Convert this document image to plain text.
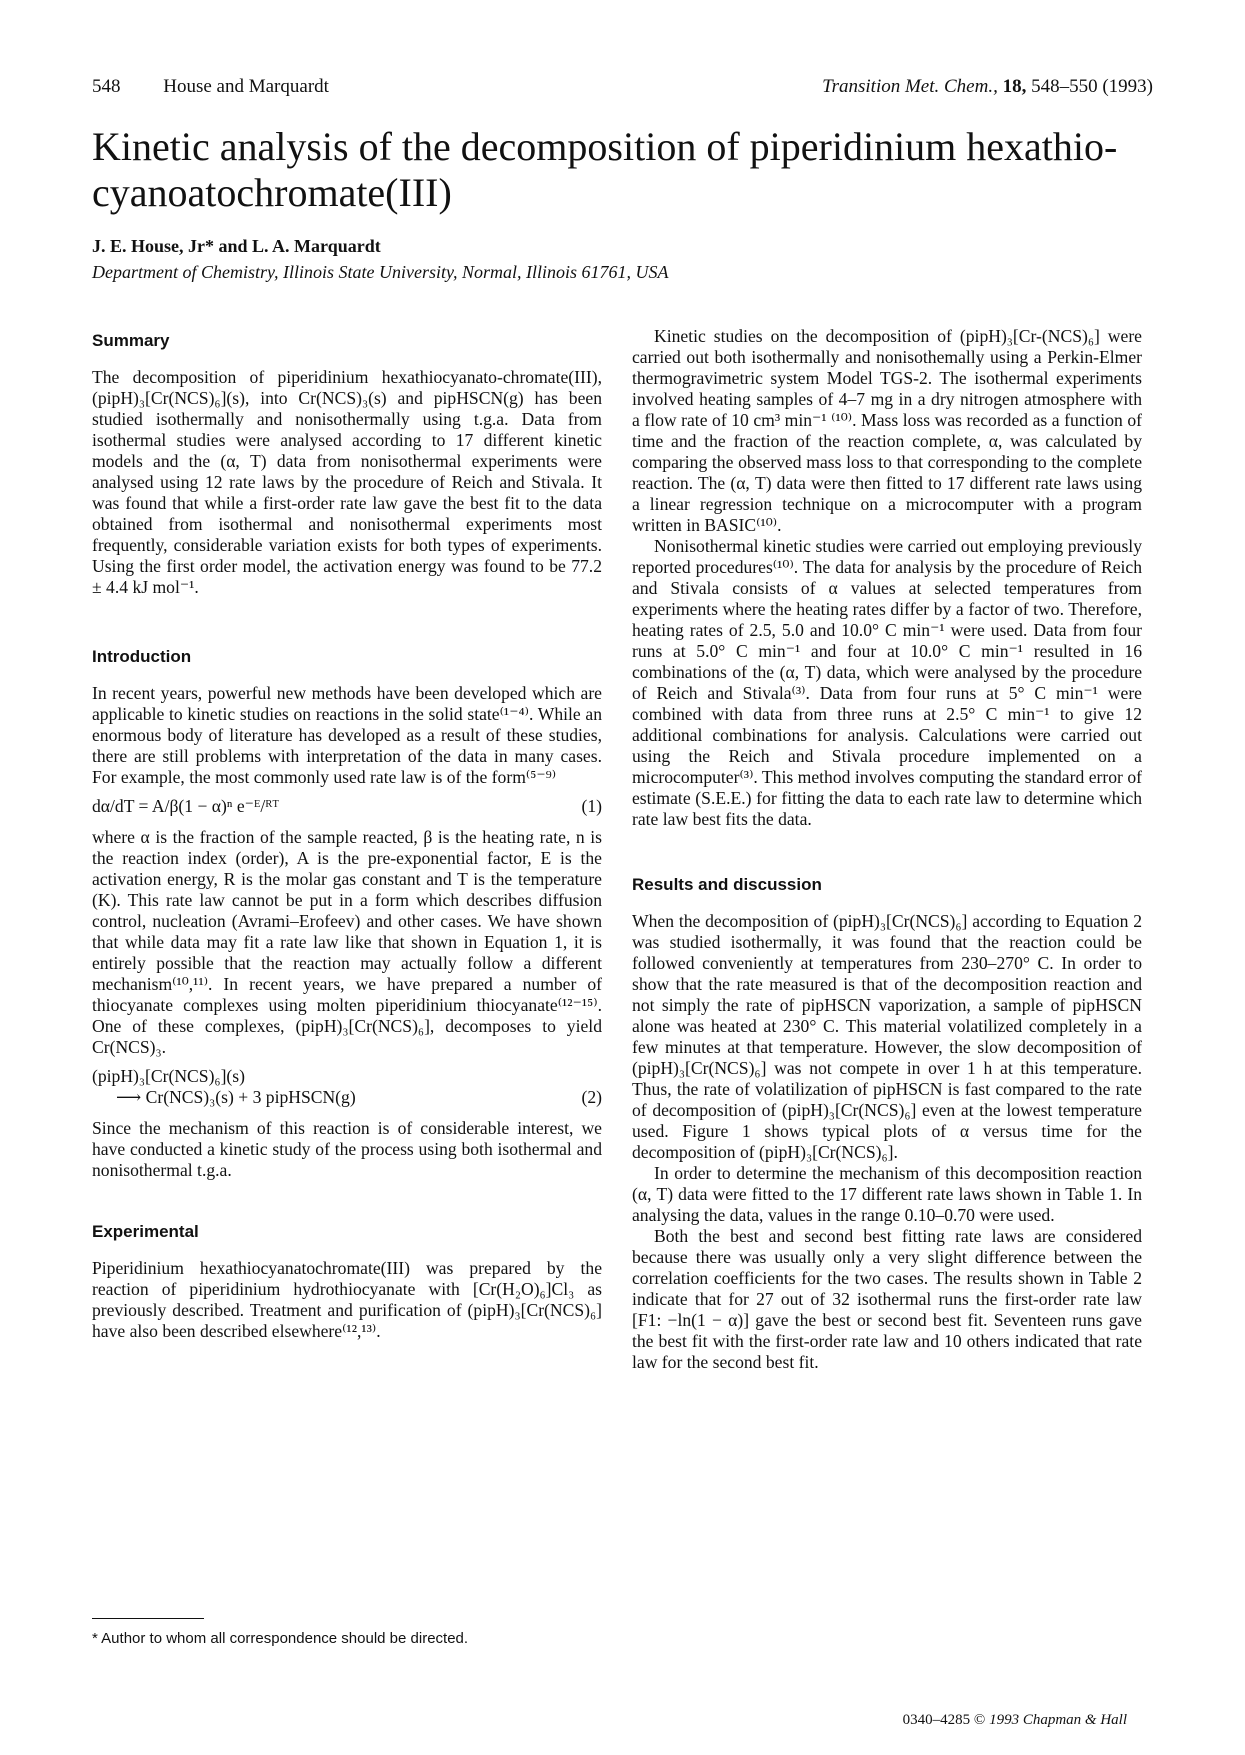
548 House and Marquardt	Transition Met. Chem., 18, 548–550 (1993)
Kinetic analysis of the decomposition of piperidinium hexathio-cyanoatochromate(III)
J. E. House, Jr* and L. A. Marquardt
Department of Chemistry, Illinois State University, Normal, Illinois 61761, USA
Summary

The decomposition of piperidinium hexathiocyanato-chromate(III), (pipH)₃[Cr(NCS)₆](s), into Cr(NCS)₃(s) and pipHSCN(g) has been studied isothermally and nonisothermally using t.g.a. Data from isothermal studies were analysed according to 17 different kinetic models and the (α, T) data from nonisothermal experiments were analysed using 12 rate laws by the procedure of Reich and Stivala. It was found that while a first-order rate law gave the best fit to the data obtained from isothermal and nonisothermal experiments most frequently, considerable variation exists for both types of experiments. Using the first order model, the activation energy was found to be 77.2 ± 4.4 kJ mol⁻¹.

Introduction

In recent years, powerful new methods have been developed which are applicable to kinetic studies on reactions in the solid state⁽¹⁻⁴⁾. While an enormous body of literature has developed as a result of these studies, there are still problems with interpretation of the data in many cases. For example, the most commonly used rate law is of the form⁽⁵⁻⁹⁾

dα/dT = A/β(1 − α)ⁿ e⁻ᴱ/ᴿᵀ	(1)

where α is the fraction of the sample reacted, β is the heating rate, n is the reaction index (order), A is the pre-exponential factor, E is the activation energy, R is the molar gas constant and T is the temperature (K). This rate law cannot be put in a form which describes diffusion control, nucleation (Avrami–Erofeev) and other cases. We have shown that while data may fit a rate law like that shown in Equation 1, it is entirely possible that the reaction may actually follow a different mechanism⁽¹⁰,¹¹⁾. In recent years, we have prepared a number of thiocyanate complexes using molten piperidinium thiocyanate⁽¹²⁻¹⁵⁾. One of these complexes, (pipH)₃[Cr(NCS)₆], decomposes to yield Cr(NCS)₃.

(pipH)₃[Cr(NCS)₆](s)
⟶ Cr(NCS)₃(s) + 3 pipHSCN(g)	(2)

Since the mechanism of this reaction is of considerable interest, we have conducted a kinetic study of the process using both isothermal and nonisothermal t.g.a.

Experimental

Piperidinium hexathiocyanatochromate(III) was prepared by the reaction of piperidinium hydrothiocyanate with [Cr(H₂O)₆]Cl₃ as previously described. Treatment and purification of (pipH)₃[Cr(NCS)₆] have also been described elsewhere⁽¹²,¹³⁾.

Kinetic studies on the decomposition of (pipH)₃[Cr-(NCS)₆] were carried out both isothermally and nonisothemally using a Perkin-Elmer thermogravimetric system Model TGS-2. The isothermal experiments involved heating samples of 4–7 mg in a dry nitrogen atmosphere with a flow rate of 10 cm³ min⁻¹ ⁽¹⁰⁾. Mass loss was recorded as a function of time and the fraction of the reaction complete, α, was calculated by comparing the observed mass loss to that corresponding to the complete reaction. The (α, T) data were then fitted to 17 different rate laws using a linear regression technique on a microcomputer with a program written in BASIC⁽¹⁰⁾.

Nonisothermal kinetic studies were carried out employing previously reported procedures⁽¹⁰⁾. The data for analysis by the procedure of Reich and Stivala consists of α values at selected temperatures from experiments where the heating rates differ by a factor of two. Therefore, heating rates of 2.5, 5.0 and 10.0° C min⁻¹ were used. Data from four runs at 5.0° C min⁻¹ and four at 10.0° C min⁻¹ resulted in 16 combinations of the (α, T) data, which were analysed by the procedure of Reich and Stivala⁽³⁾. Data from four runs at 5° C min⁻¹ were combined with data from three runs at 2.5° C min⁻¹ to give 12 additional combinations for analysis. Calculations were carried out using the Reich and Stivala procedure implemented on a microcomputer⁽³⁾. This method involves computing the standard error of estimate (S.E.E.) for fitting the data to each rate law to determine which rate law best fits the data.

Results and discussion

When the decomposition of (pipH)₃[Cr(NCS)₆] according to Equation 2 was studied isothermally, it was found that the reaction could be followed conveniently at temperatures from 230–270° C. In order to show that the rate measured is that of the decomposition reaction and not simply the rate of pipHSCN vaporization, a sample of pipHSCN alone was heated at 230° C. This material volatilized completely in a few minutes at that temperature. However, the slow decomposition of (pipH)₃[Cr(NCS)₆] was not compete in over 1 h at this temperature. Thus, the rate of volatilization of pipHSCN is fast compared to the rate of decomposition of (pipH)₃[Cr(NCS)₆] even at the lowest temperature used. Figure 1 shows typical plots of α versus time for the decomposition of (pipH)₃[Cr(NCS)₆].

In order to determine the mechanism of this decomposition reaction (α, T) data were fitted to the 17 different rate laws shown in Table 1. In analysing the data, values in the range 0.10–0.70 were used.

Both the best and second best fitting rate laws are considered because there was usually only a very slight difference between the correlation coefficients for the two cases. The results shown in Table 2 indicate that for 27 out of 32 isothermal runs the first-order rate law [F1: −ln(1 − α)] gave the best or second best fit. Seventeen runs gave the best fit with the first-order rate law and 10 others indicated that rate law for the second best fit.

* Author to whom all correspondence should be directed.
0340–4285 © 1993 Chapman & Hall
